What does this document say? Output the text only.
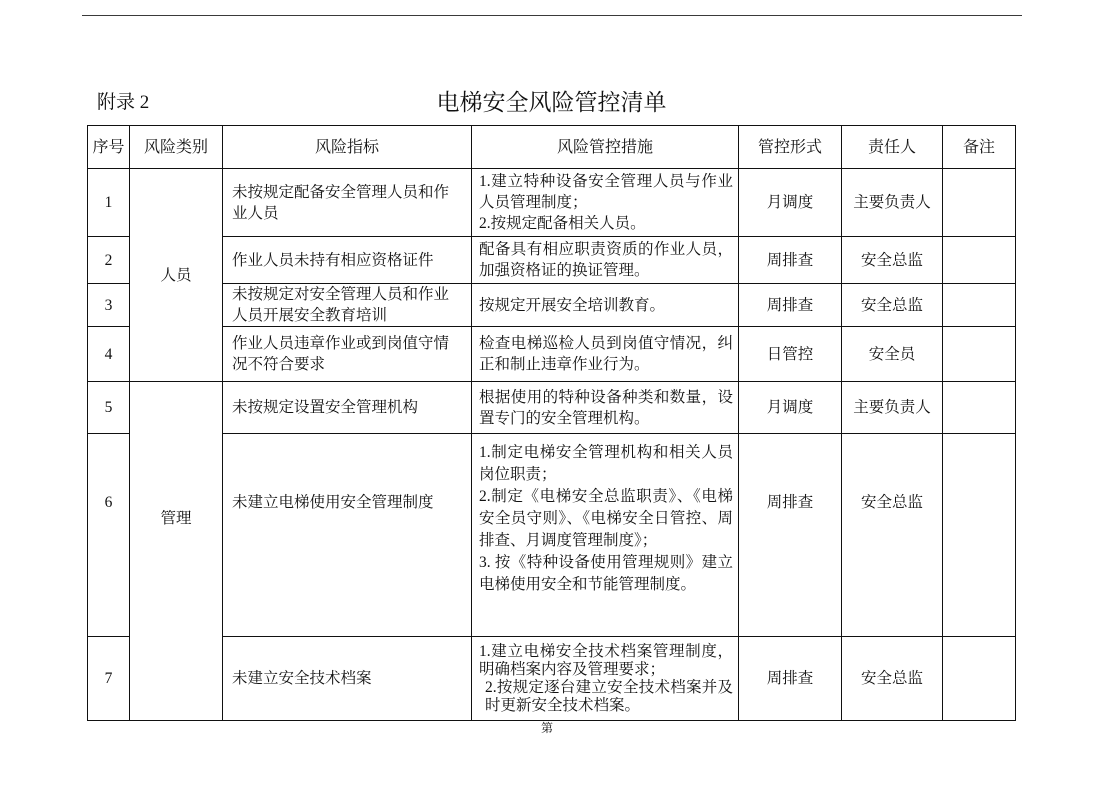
附录 2	电梯安全风险管控清单
序号	风险类别	风险指标	风险管控措施	管控形式	责任人	备注
1	人员	未按规定配备安全管理人员和作业人员	1.建立特种设备安全管理人员与作业人员管理制度；
2.按规定配备相关人员。	月调度	主要负责人	
2		作业人员未持有相应资格证件	配备具有相应职责资质的作业人员，加强资格证的换证管理。	周排查	安全总监	
3		未按规定对安全管理人员和作业人员开展安全教育培训	按规定开展安全培训教育。	周排查	安全总监	
4		作业人员违章作业或到岗值守情况不符合要求	检查电梯巡检人员到岗值守情况，纠正和制止违章作业行为。	日管控	安全员	
5	管理	未按规定设置安全管理机构	根据使用的特种设备种类和数量，设置专门的安全管理机构。	月调度	主要负责人	
6		未建立电梯使用安全管理制度	1.制定电梯安全管理机构和相关人员岗位职责；
2.制定《电梯安全总监职责》、《电梯 安全员守则》、《电梯安全日管控、周 排查、月调度管理制度》；
3. 按《特种设备使用管理规则》建立 电梯使用安全和节能管理制度。	周排查	安全总监	
7		未建立安全技术档案	1.建立电梯安全技术档案管理制度，明确档案内容及管理要求；
2.按规定逐台建立安全技术档案并及时更新安全技术档案。	周排查	安全总监	
第
